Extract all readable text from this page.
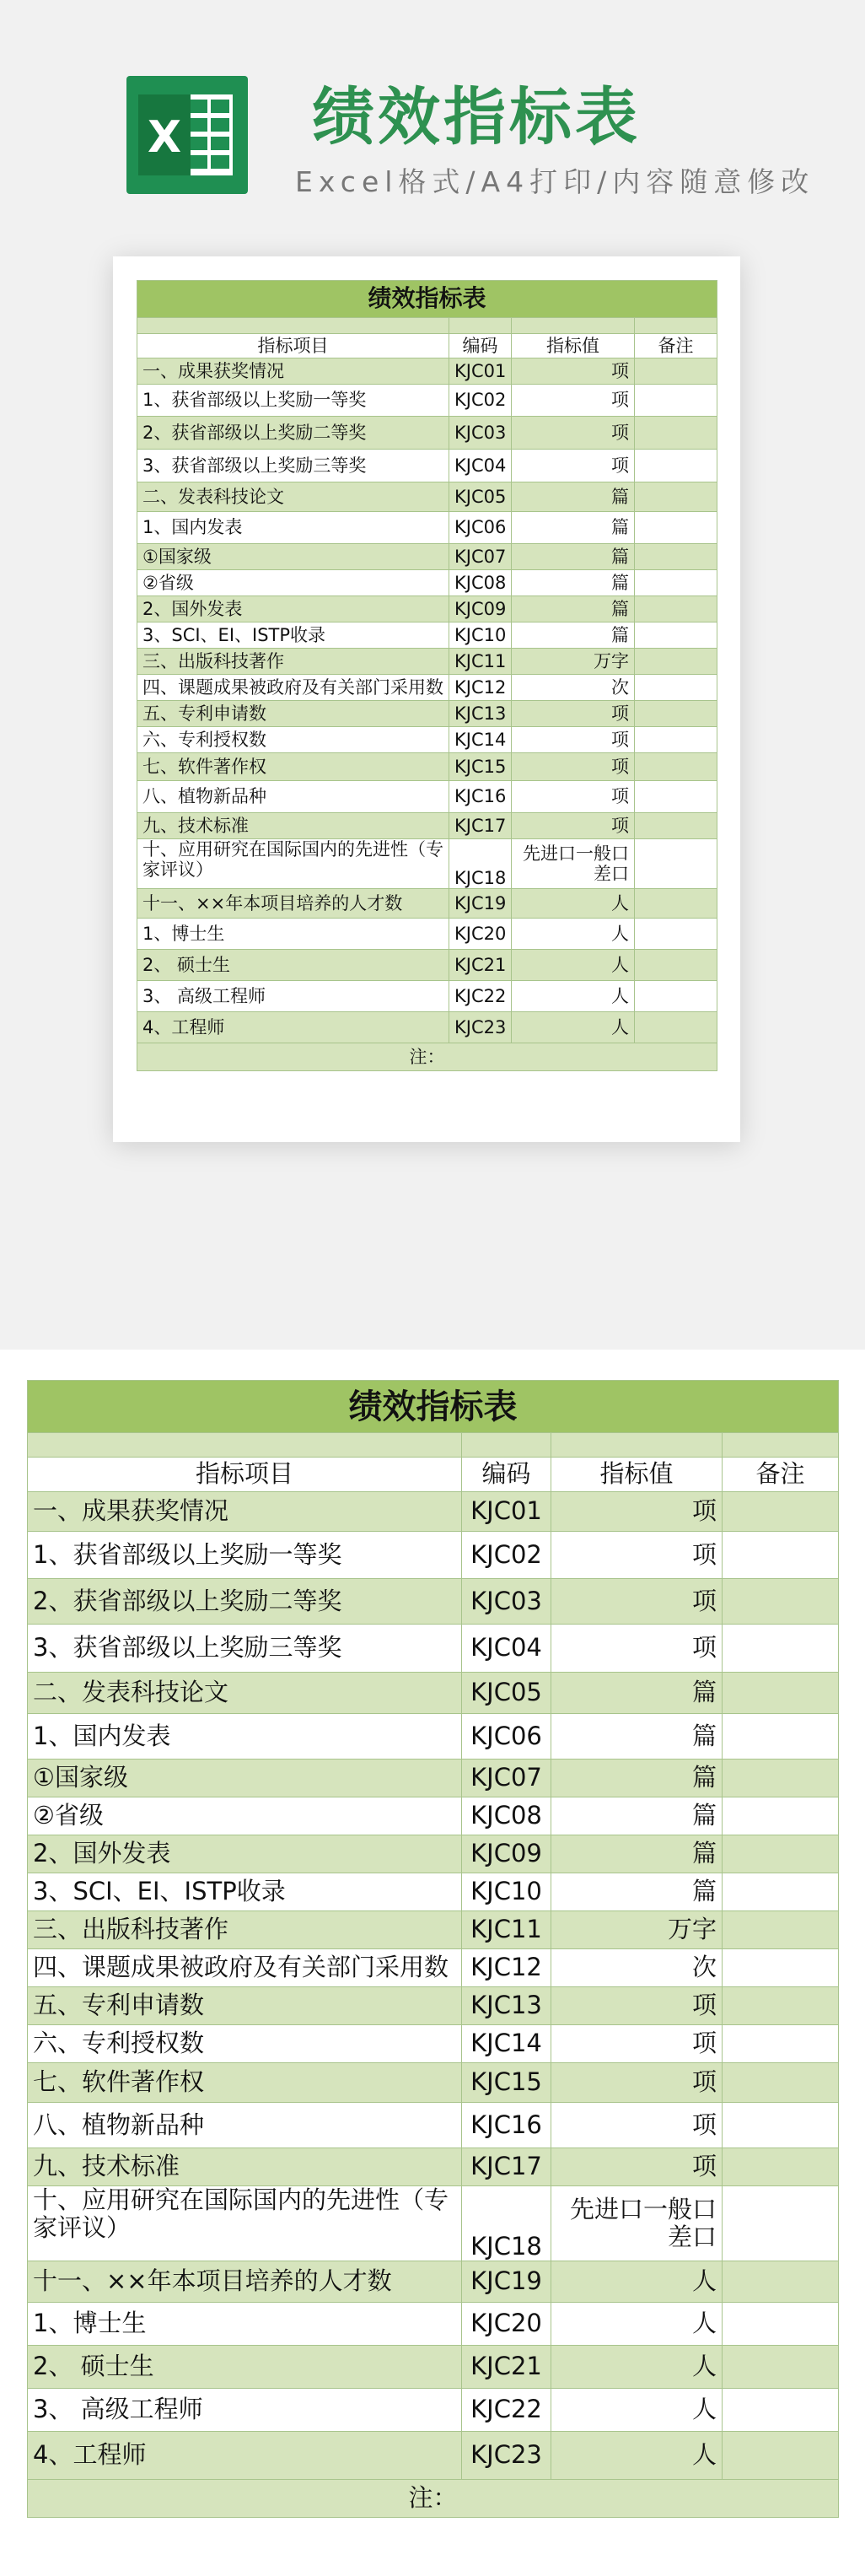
X 绩效指标表
Excel格式/A4打印/内容随意修改
绩效指标表			

指标项目	编码	指标值	备注
一、成果获奖情况	KJC01	项	
1、获省部级以上奖励一等奖	KJC02	项	
2、获省部级以上奖励二等奖	KJC03	项	
3、获省部级以上奖励三等奖	KJC04	项	
二、发表科技论文	KJC05	篇	
1、国内发表	KJC06	篇	
①国家级	KJC07	篇	
②省级	KJC08	篇	
2、国外发表	KJC09	篇	
3、SCI、EI、ISTP收录	KJC10	篇	
三、出版科技著作	KJC11	万字	
四、课题成果被政府及有关部门采用数	KJC12	次	
五、专利申请数	KJC13	项	
六、专利授权数	KJC14	项	
七、软件著作权	KJC15	项	
八、植物新品种	KJC16	项	
九、技术标准	KJC17	项	
十、应用研究在国际国内的先进性（专家评议）	KJC18	先进口一般口差口	
十一、××年本项目培养的人才数	KJC19	人	
1、博士生	KJC20	人	
2、 硕士生	KJC21	人	
3、 高级工程师	KJC22	人	
4、工程师	KJC23	人	
注：			
绩效指标表			

指标项目	编码	指标值	备注
一、成果获奖情况	KJC01	项	
1、获省部级以上奖励一等奖	KJC02	项	
2、获省部级以上奖励二等奖	KJC03	项	
3、获省部级以上奖励三等奖	KJC04	项	
二、发表科技论文	KJC05	篇	
1、国内发表	KJC06	篇	
①国家级	KJC07	篇	
②省级	KJC08	篇	
2、国外发表	KJC09	篇	
3、SCI、EI、ISTP收录	KJC10	篇	
三、出版科技著作	KJC11	万字	
四、课题成果被政府及有关部门采用数	KJC12	次	
五、专利申请数	KJC13	项	
六、专利授权数	KJC14	项	
七、软件著作权	KJC15	项	
八、植物新品种	KJC16	项	
九、技术标准	KJC17	项	
十、应用研究在国际国内的先进性（专家评议）	KJC18	先进口一般口差口	
十一、××年本项目培养的人才数	KJC19	人	
1、博士生	KJC20	人	
2、 硕士生	KJC21	人	
3、 高级工程师	KJC22	人	
4、工程师	KJC23	人	
注：			
